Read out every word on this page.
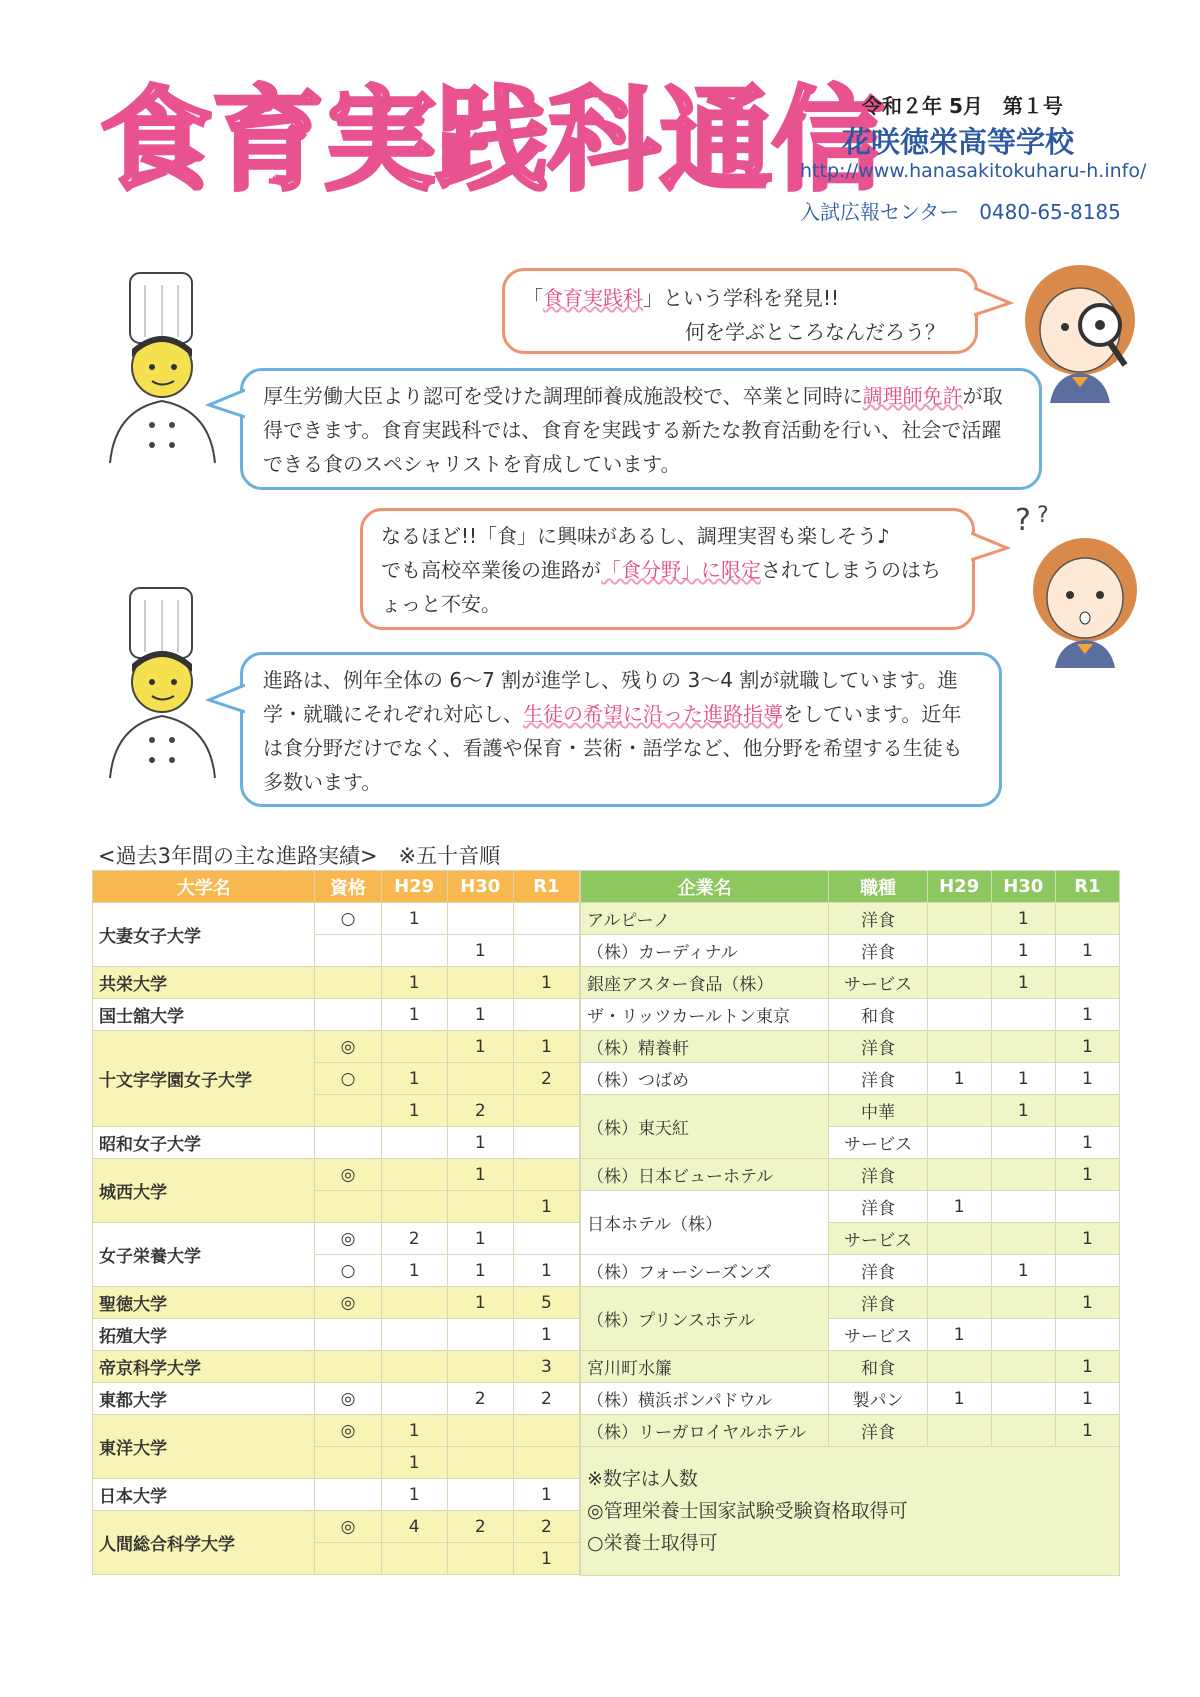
食育実践科通信
令和２年 5月　第１号
花咲徳栄高等学校
http://www.hanasakitokuharu-h.info/
入試広報センター　0480-65-8185
? ?
「食育実践科」という学科を発見!!
何を学ぶところなんだろう？
厚生労働大臣より認可を受けた調理師養成施設校で、卒業と同時に調理師免許が取得できます。食育実践科では、食育を実践する新たな教育活動を行い、社会で活躍できる食のスペシャリストを育成しています。
なるほど!!「食」に興味があるし、調理実習も楽しそう♪
でも高校卒業後の進路が「食分野」に限定されてしまうのはちょっと不安。
進路は、例年全体の 6～7 割が進学し、残りの 3～4 割が就職しています。進学・就職にそれぞれ対応し、生徒の希望に沿った進路指導をしています。近年は食分野だけでなく、看護や保育・芸術・語学など、他分野を希望する生徒も多数います。
<過去3年間の主な進路実績>　※五十音順
大学名	資格	H29	H30	R1
大妻女子大学	○	1		
			1	
共栄大学		1		1
国士舘大学		1	1	
十文字学園女子大学	◎		1	1
	○	1		2
		1	2	
昭和女子大学			1	
城西大学	◎		1	
				1
女子栄養大学	◎	2	1	
	○	1	1	1
聖徳大学	◎		1	5
拓殖大学				1
帝京科学大学				3
東都大学	◎		2	2
東洋大学	◎	1		
		1		
日本大学		1		1
人間総合科学大学	◎	4	2	2
				1
企業名	職種	H29	H30	R1
アルピーノ	洋食		1	
（株）カーディナル	洋食		1	1
銀座アスター食品（株）	サービス		1	
ザ・リッツカールトン東京	和食			1
（株）精養軒	洋食			1
（株）つばめ	洋食	1	1	1
（株）東天紅	中華		1	
	サービス			1
（株）日本ビューホテル	洋食			1
日本ホテル（株）	洋食	1		
	サービス			1
（株）フォーシーズンズ	洋食		1	
（株）プリンスホテル	洋食			1
	サービス	1		
宮川町水簾	和食			1
（株）横浜ポンパドウル	製パン	1		1
（株）リーガロイヤルホテル	洋食			1

※数字は人数
◎管理栄養士国家試験受験資格取得可
○栄養士取得可				
